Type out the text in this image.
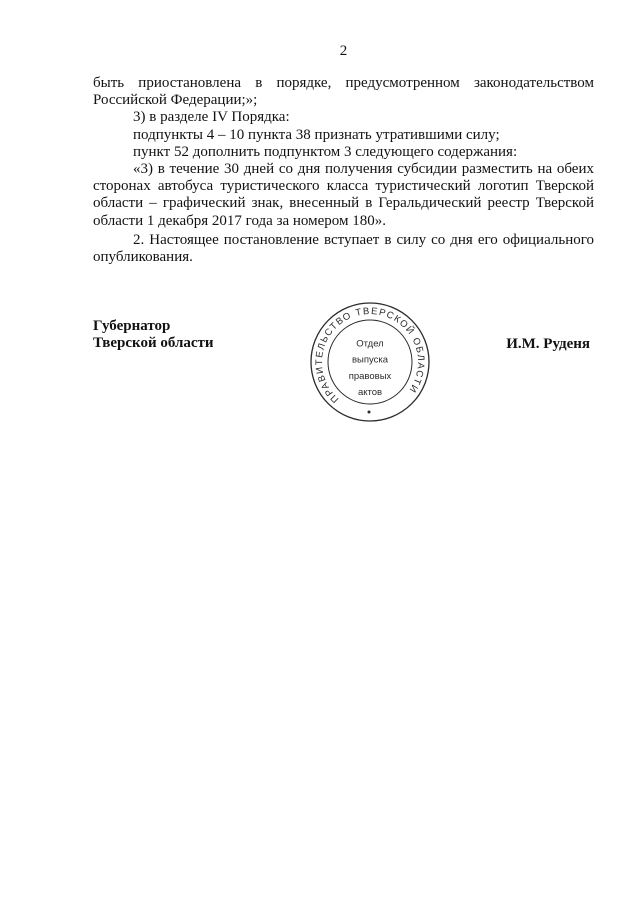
2
быть приостановлена в порядке, предусмотренном законодательством
Российской Федерации;»;
3) в разделе IV Порядка:
подпункты 4 – 10 пункта 38 признать утратившими силу;
пункт 52 дополнить подпунктом 3 следующего содержания:
«3) в течение 30 дней со дня получения субсидии разместить на обеих
сторонах автобуса туристического класса туристический логотип Тверской
области – графический знак, внесенный в Геральдический реестр Тверской
области 1 декабря 2017 года за номером 180».
2. Настоящее постановление вступает в силу со дня его официального
опубликования.
Губернатор
Тверской области
ПРАВИТЕЛЬСТВО ТВЕРСКОЙ ОБЛАСТИ
Отдел
выпуска
правовых
актов
И.М. Руденя
